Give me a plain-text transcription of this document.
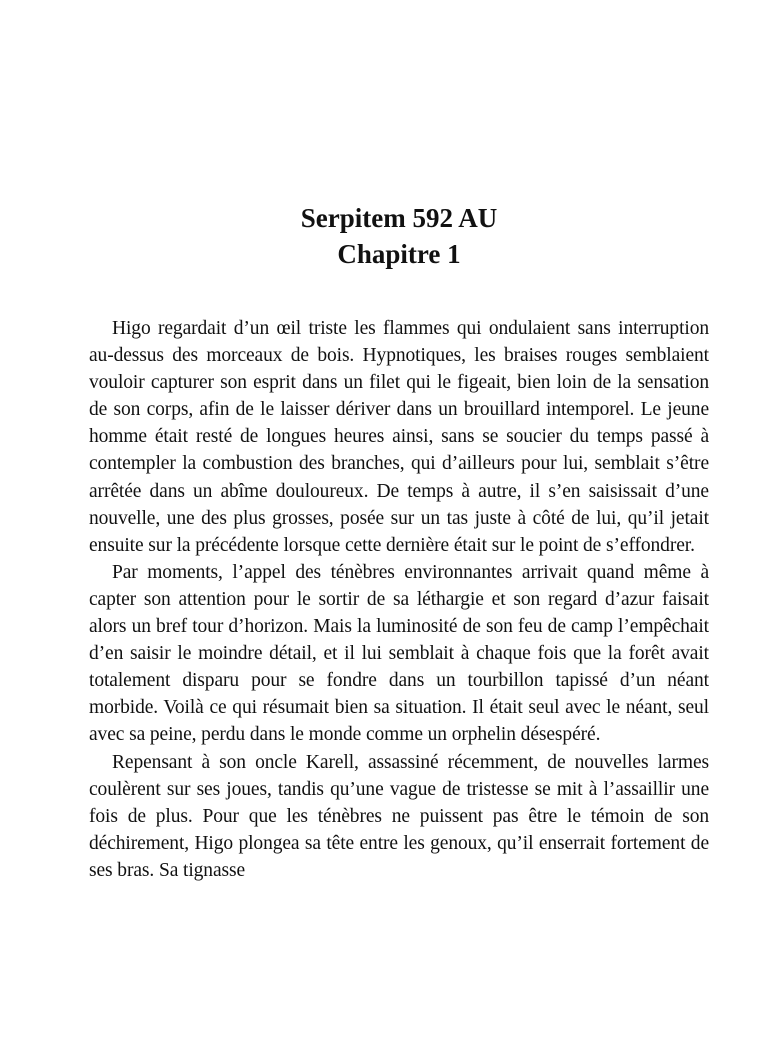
Serpitem 592 AU
Chapitre 1

Higo regardait d’un œil triste les flammes qui ondulaient sans interruption au-dessus des morceaux de bois. Hypnotiques, les braises rouges semblaient vouloir capturer son esprit dans un filet qui le figeait, bien loin de la sensation de son corps, afin de le laisser dériver dans un brouillard intemporel. Le jeune homme était resté de longues heures ainsi, sans se soucier du temps passé à contempler la combustion des branches, qui d’ailleurs pour lui, semblait s’être arrêtée dans un abîme douloureux. De temps à autre, il s’en saisissait d’une nouvelle, une des plus grosses, posée sur un tas juste à côté de lui, qu’il jetait ensuite sur la précédente lorsque cette dernière était sur le point de s’effondrer.

Par moments, l’appel des ténèbres environnantes arrivait quand même à capter son attention pour le sortir de sa léthargie et son regard d’azur faisait alors un bref tour d’horizon. Mais la luminosité de son feu de camp l’empêchait d’en saisir le moindre détail, et il lui semblait à chaque fois que la forêt avait totalement disparu pour se fondre dans un tourbillon tapissé d’un néant morbide. Voilà ce qui résumait bien sa situation. Il était seul avec le néant, seul avec sa peine, perdu dans le monde comme un orphelin désespéré.

Repensant à son oncle Karell, assassiné récemment, de nouvelles larmes coulèrent sur ses joues, tandis qu’une vague de tristesse se mit à l’assaillir une fois de plus. Pour que les ténèbres ne puissent pas être le témoin de son déchirement, Higo plongea sa tête entre les genoux, qu’il enserrait fortement de ses bras. Sa tignasse
